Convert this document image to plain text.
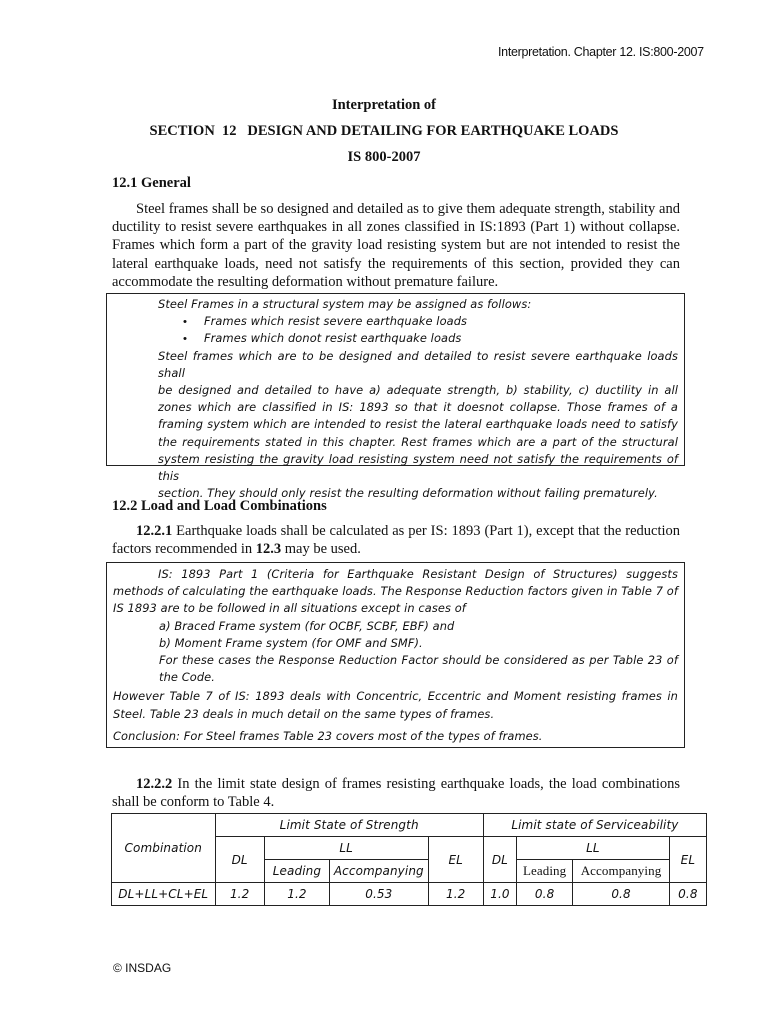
Interpretation. Chapter 12. IS:800-2007
Interpretation of
SECTION  12   DESIGN AND DETAILING FOR EARTHQUAKE LOADS
IS 800-2007
12.1 General
Steel frames shall be so designed and detailed as to give them adequate strength, stability and ductility to resist severe earthquakes in all zones classified in IS:1893 (Part 1) without collapse. Frames which form a part of the gravity load resisting system but are not intended to resist the lateral earthquake loads, need not satisfy the requirements of this section, provided they can accommodate the resulting deformation without premature failure.
Steel Frames in a structural system may be assigned as follows:
• Frames which resist severe earthquake loads
• Frames which donot resist earthquake loads
Steel frames which are to be designed and detailed to resist severe earthquake loads shall
be designed and detailed to have a) adequate strength, b) stability, c) ductility in all
zones which are classified in IS: 1893 so that it doesnot collapse. Those frames of a
framing system which are intended to resist the lateral earthquake loads need to satisfy
the requirements stated in this chapter. Rest frames which are a part of the structural
system resisting the gravity load resisting system need not satisfy the requirements of this
section. They should only resist the resulting deformation without failing prematurely.
12.2 Load and Load Combinations
12.2.1 Earthquake loads shall be calculated as per IS: 1893 (Part 1), except that the reduction factors recommended in 12.3 may be used.
IS: 1893 Part 1 (Criteria for Earthquake Resistant Design of Structures) suggests
methods of calculating the earthquake loads. The Response Reduction factors given in Table 7 of
IS 1893 are to be followed in all situations except in cases of
a) Braced Frame system (for OCBF, SCBF, EBF) and
b) Moment Frame system (for OMF and SMF).
For these cases the Response Reduction Factor should be considered as per Table 23 of
the Code.
However Table 7 of IS: 1893 deals with Concentric, Eccentric and Moment resisting frames in
Steel. Table 23 deals in much detail on the same types of frames.
Conclusion: For Steel frames Table 23 covers most of the types of frames.
12.2.2 In the limit state design of frames resisting earthquake loads, the load combinations shall be conform to Table 4.
Combination	Limit State of Strength				Limit state of Serviceability			
	DL	LL		EL	DL	LL		EL
		Leading	Accompanying			Leading	Accompanying	
DL+LL+CL+EL	1.2	1.2	0.53	1.2	1.0	0.8	0.8	0.8
© INSDAG
